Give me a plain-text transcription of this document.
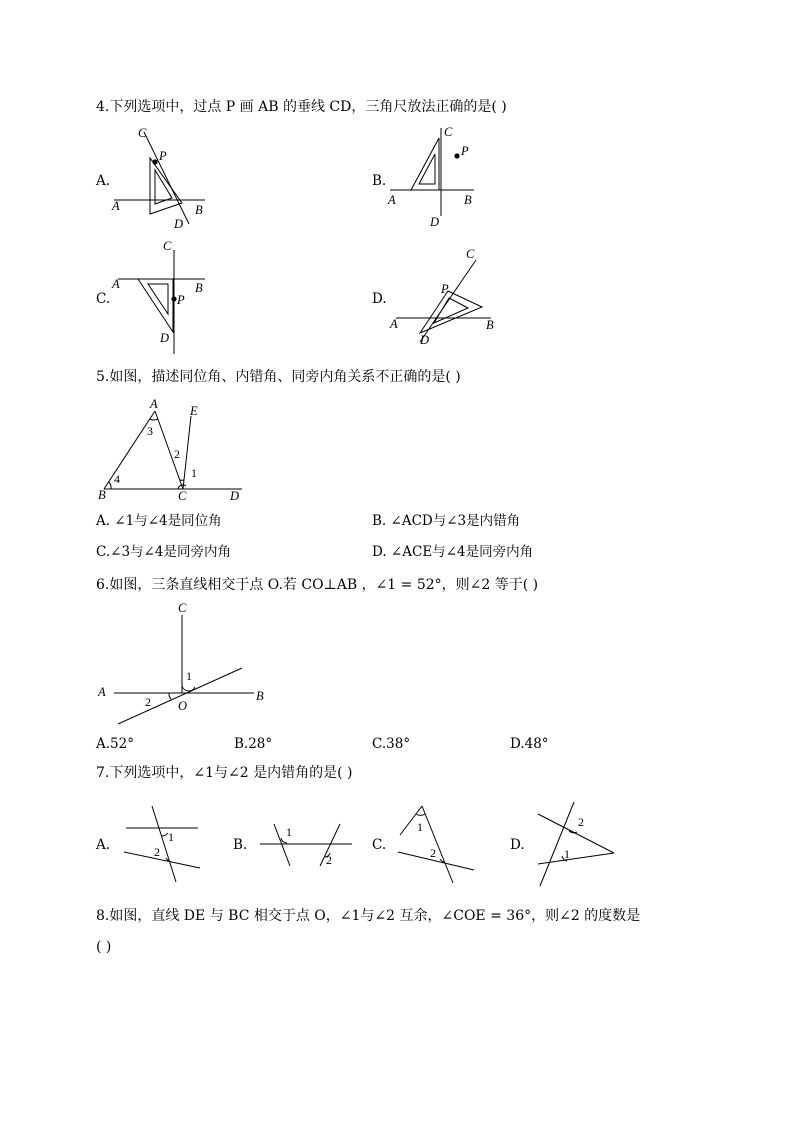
4.下列选项中，过点 P 画 AB 的垂线 CD，三角尺放法正确的是( )
A.
C
P
A
D
B
B.
C
P
A
D
B
C.
C
P
A
D
B
D.
C
P
A
D
B
5.如图，描述同位角、内错角、同旁内角关系不正确的是( )
A	E
3
2
1
4
B	C	D
A. ∠1与∠4是同位角	B. ∠ACD与∠3是内错角
C.∠3与∠4是同旁内角	D. ∠ACE与∠4是同旁内角
6.如图，三条直线相交于点 O.若 CO⊥AB ，∠1 = 52°，则∠2 等于( )
C
1
A
2 O
B
A.52°	B.28°	C.38°	D.48°
7.下列选项中，∠1与∠2 是内错角的是( )
A.	1
2	B.
1
2
C.
1
2	D.
2
1
8.如图，直线 DE 与 BC 相交于点 O，∠1与∠2 互余，∠COE = 36°，则∠2 的度数是
( )
